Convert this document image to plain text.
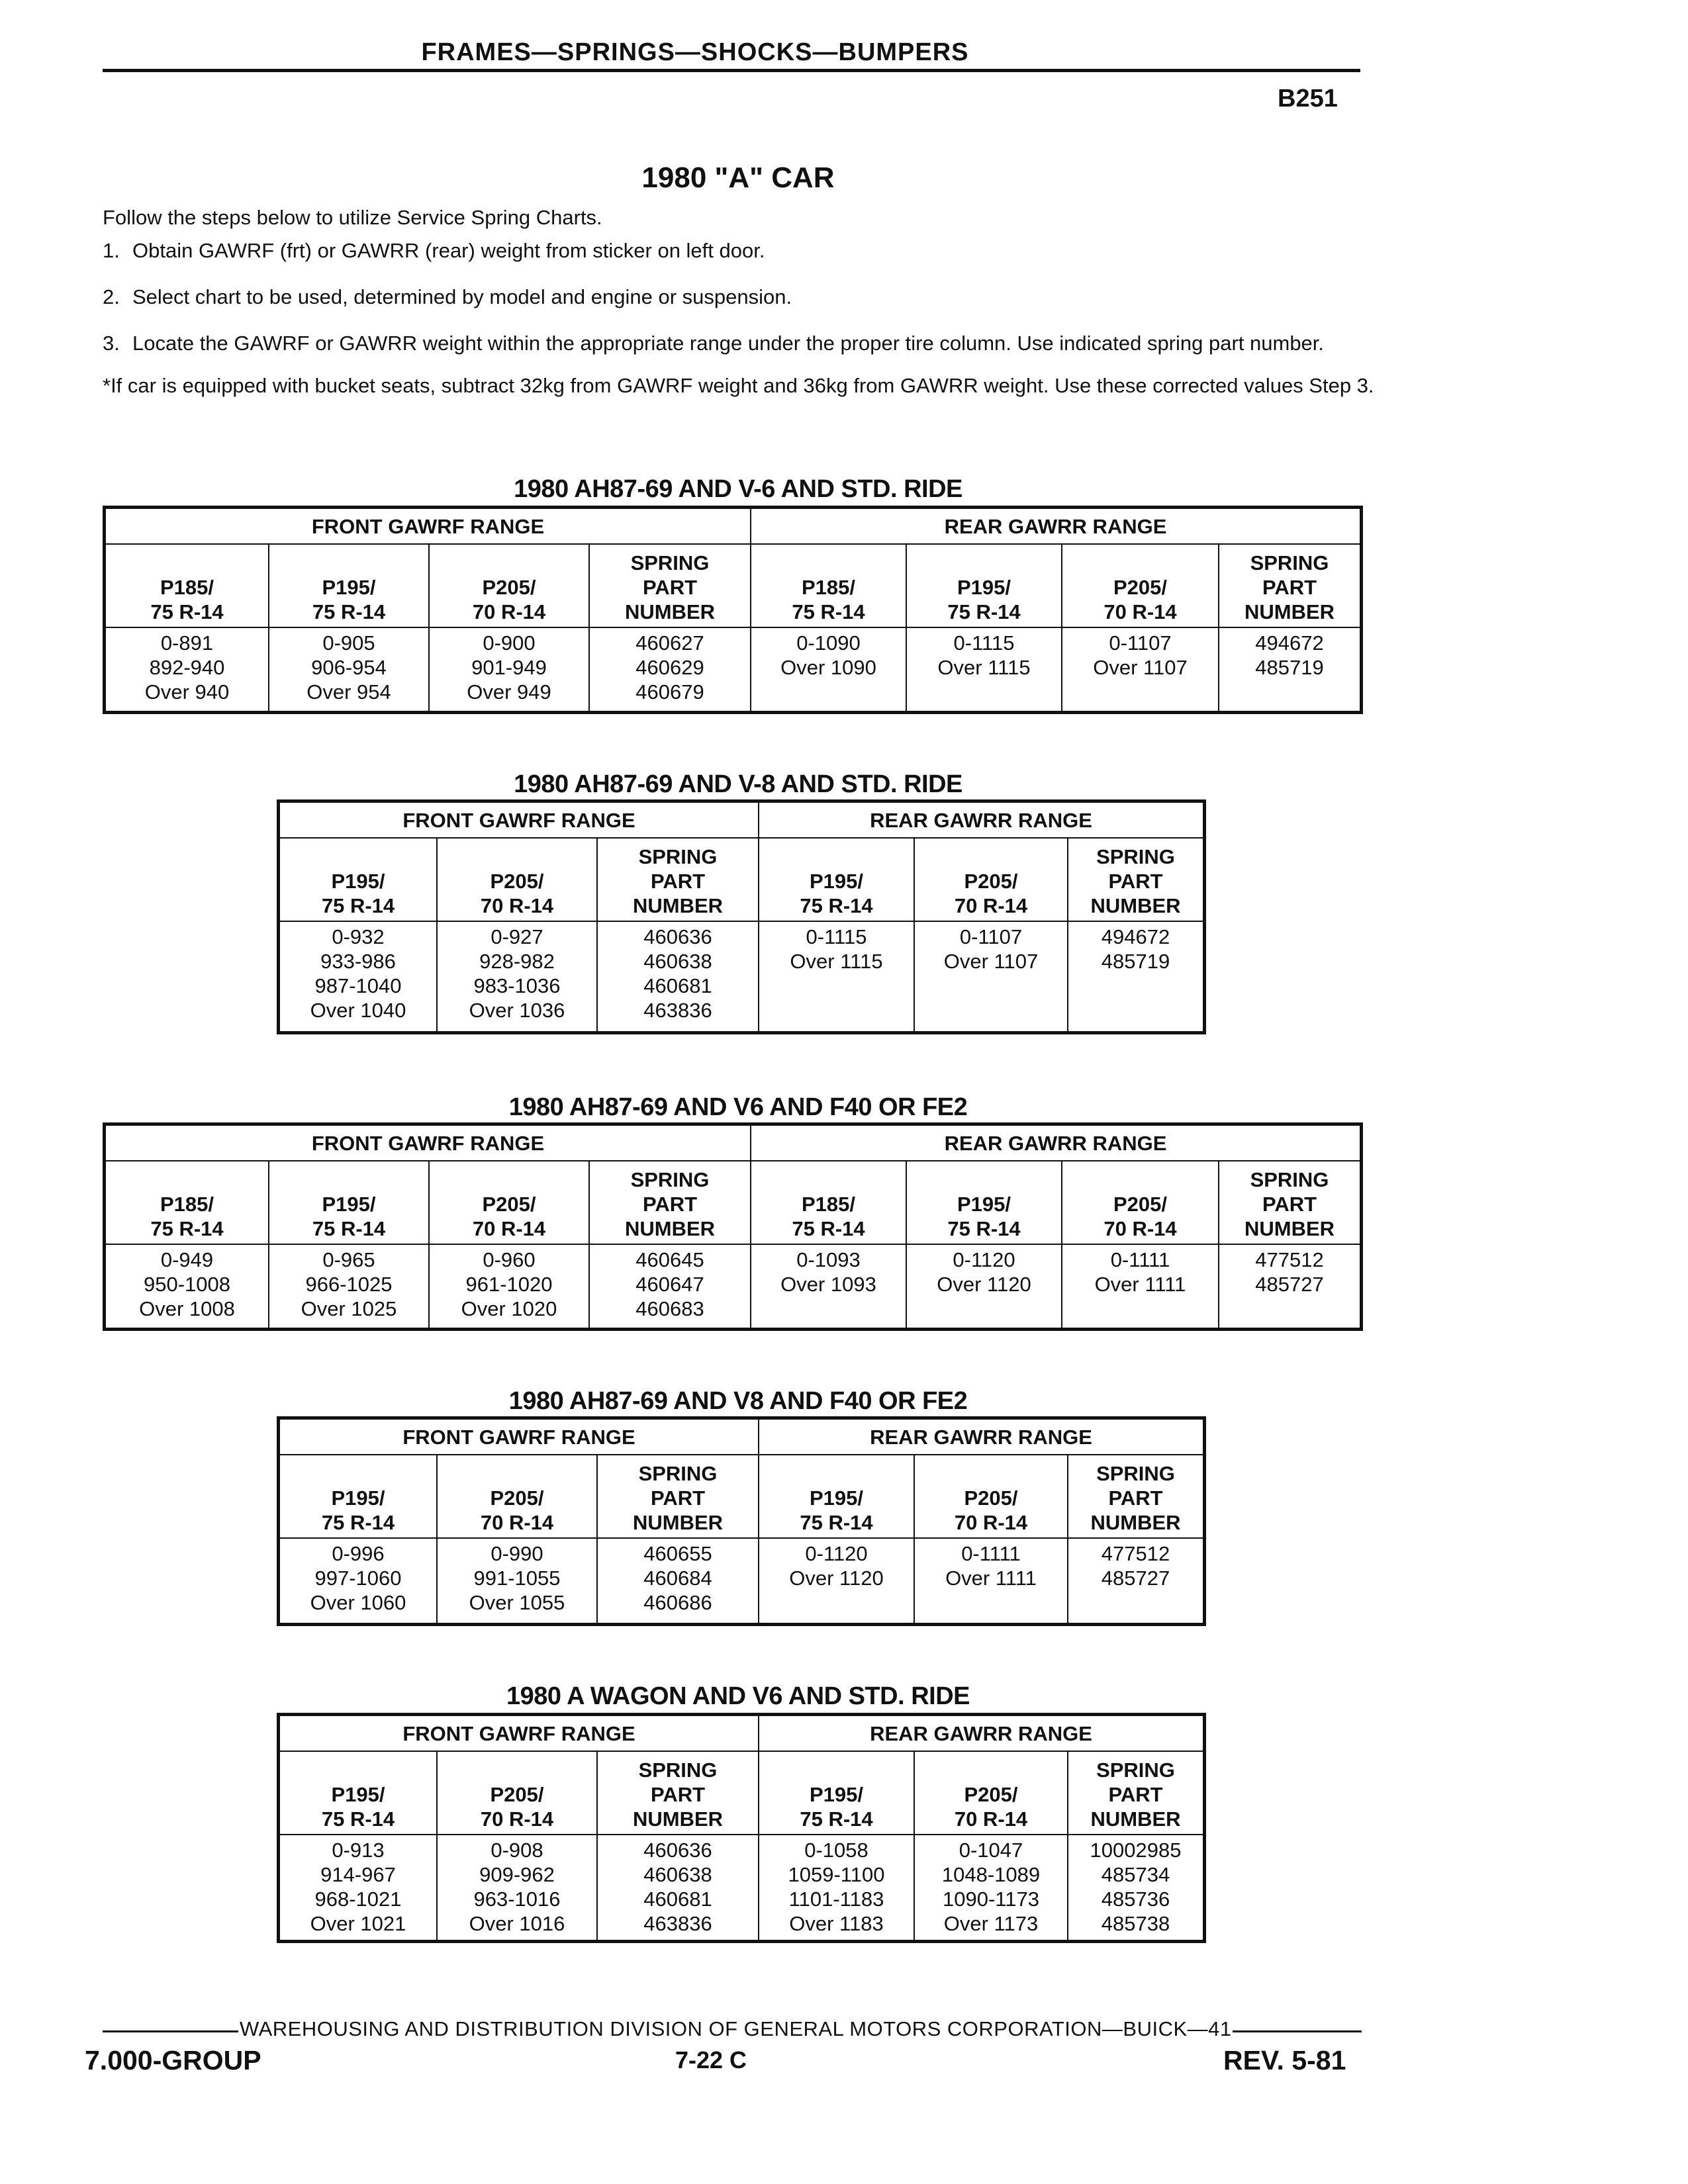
FRAMES—SPRINGS—SHOCKS—BUMPERS
B251
1980 "A" CAR

Follow the steps below to utilize Service Spring Charts.

1. Obtain GAWRF (frt) or GAWRR (rear) weight from sticker on left door.
2. Select chart to be used, determined by model and engine or suspension.
3. Locate the GAWRF or GAWRR weight within the appropriate range under the proper tire column. Use indicated spring part number.

*If car is equipped with bucket seats, subtract 32kg from GAWRF weight and 36kg from GAWRR weight. Use these corrected values Step 3.

1980 AH87-69 AND V-6 AND STD. RIDE
FRONT GAWRF RANGE				REAR GAWRR RANGE			

P185/
75 R-14	P195/
75 R-14	P205/
70 R-14	SPRING
PART
NUMBER	P185/
75 R-14	P195/
75 R-14	P205/
70 R-14	SPRING
PART
NUMBER

0-891
892-940
Over 940	0-905
906-954
Over 954	0-900
901-949
Over 949	460627
460629
460679	0-1090
Over 1090	0-1115
Over 1115	0-1107
Over 1107	494672
485719
1980 AH87-69 AND V-8 AND STD. RIDE
FRONT GAWRF RANGE			REAR GAWRR RANGE		

P195/
75 R-14	P205/
70 R-14	SPRING
PART
NUMBER	P195/
75 R-14	P205/
70 R-14	SPRING
PART
NUMBER

0-932
933-986
987-1040
Over 1040	0-927
928-982
983-1036
Over 1036	460636
460638
460681
463836	0-1115
Over 1115	0-1107
Over 1107	494672
485719
1980 AH87-69 AND V6 AND F40 OR FE2
FRONT GAWRF RANGE				REAR GAWRR RANGE			

P185/
75 R-14	P195/
75 R-14	P205/
70 R-14	SPRING
PART
NUMBER	P185/
75 R-14	P195/
75 R-14	P205/
70 R-14	SPRING
PART
NUMBER

0-949
950-1008
Over 1008	0-965
966-1025
Over 1025	0-960
961-1020
Over 1020	460645
460647
460683	0-1093
Over 1093	0-1120
Over 1120	0-1111
Over 1111	477512
485727
1980 AH87-69 AND V8 AND F40 OR FE2
FRONT GAWRF RANGE			REAR GAWRR RANGE		

P195/
75 R-14	P205/
70 R-14	SPRING
PART
NUMBER	P195/
75 R-14	P205/
70 R-14	SPRING
PART
NUMBER

0-996
997-1060
Over 1060	0-990
991-1055
Over 1055	460655
460684
460686	0-1120
Over 1120	0-1111
Over 1111	477512
485727
1980 A WAGON AND V6 AND STD. RIDE
FRONT GAWRF RANGE			REAR GAWRR RANGE		

P195/
75 R-14	P205/
70 R-14	SPRING
PART
NUMBER	P195/
75 R-14	P205/
70 R-14	SPRING
PART
NUMBER

0-913
914-967
968-1021
Over 1021	0-908
909-962
963-1016
Over 1016	460636
460638
460681
463836	0-1058
1059-1100
1101-1183
Over 1183	0-1047
1048-1089
1090-1173
Over 1173	10002985
485734
485736
485738
WAREHOUSING AND DISTRIBUTION DIVISION OF GENERAL MOTORS CORPORATION—BUICK—41
7.000-GROUP	7-22 C	REV. 5-81
